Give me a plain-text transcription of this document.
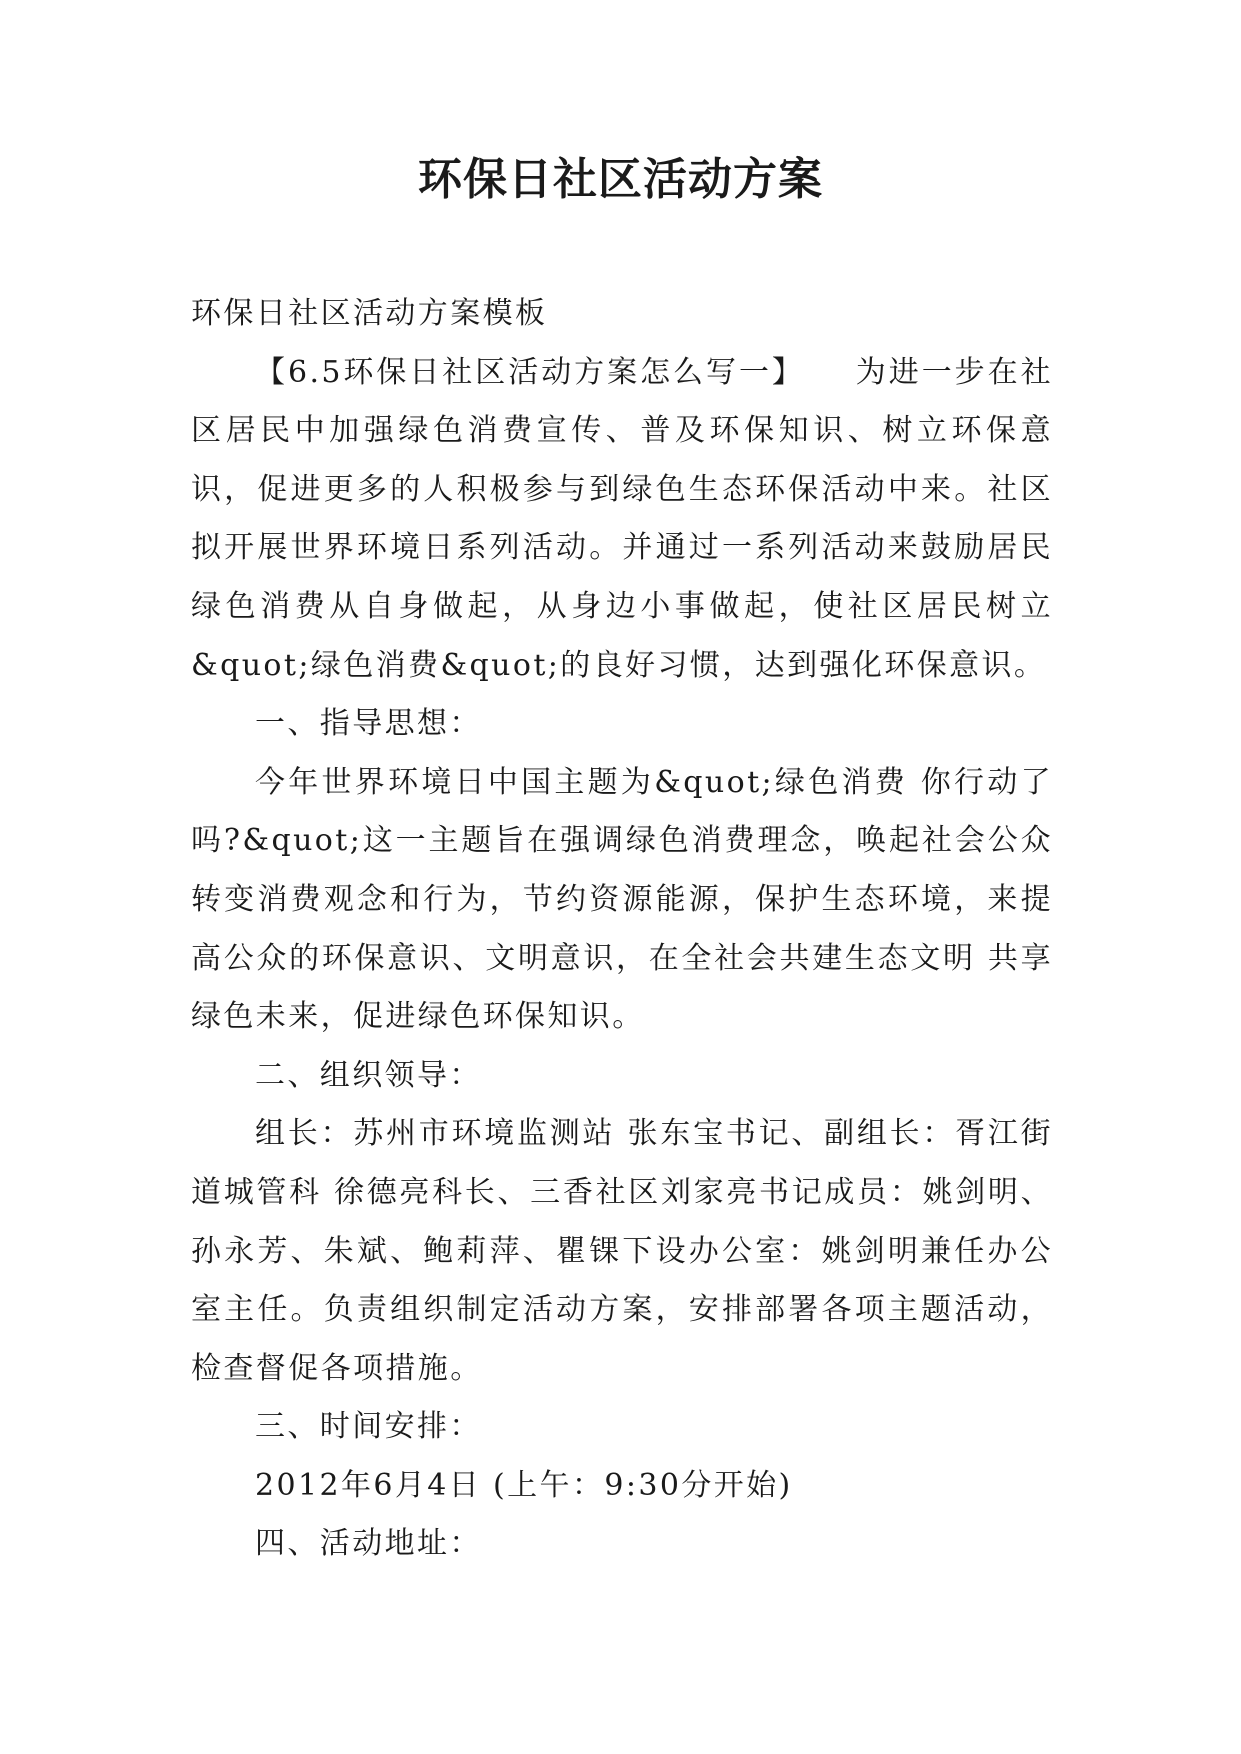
环保日社区活动方案

环保日社区活动方案模板

【6.5环保日社区活动方案怎么写一】　　为进一步在社区居民中加强绿色消费宣传、普及环保知识、树立环保意识，促进更多的人积极参与到绿色生态环保活动中来。社区拟开展世界环境日系列活动。并通过一系列活动来鼓励居民绿色消费从自身做起，从身边小事做起，使社区居民树立&quot;绿色消费&quot;的良好习惯，达到强化环保意识。

一、指导思想：

今年世界环境日中国主题为&quot;绿色消费 你行动了吗?&quot;这一主题旨在强调绿色消费理念，唤起社会公众转变消费观念和行为，节约资源能源，保护生态环境，来提高公众的环保意识、文明意识，在全社会共建生态文明 共享绿色未来，促进绿色环保知识。

二、组织领导：

组长：苏州市环境监测站 张东宝书记、副组长：胥江街道城管科 徐德亮科长、三香社区刘家亮书记成员：姚剑明、孙永芳、朱斌、鲍莉萍、瞿锞下设办公室：姚剑明兼任办公室主任。负责组织制定活动方案，安排部署各项主题活动，检查督促各项措施。

三、时间安排：

2012年6月4日 (上午：9:30分开始)

四、活动地址：
